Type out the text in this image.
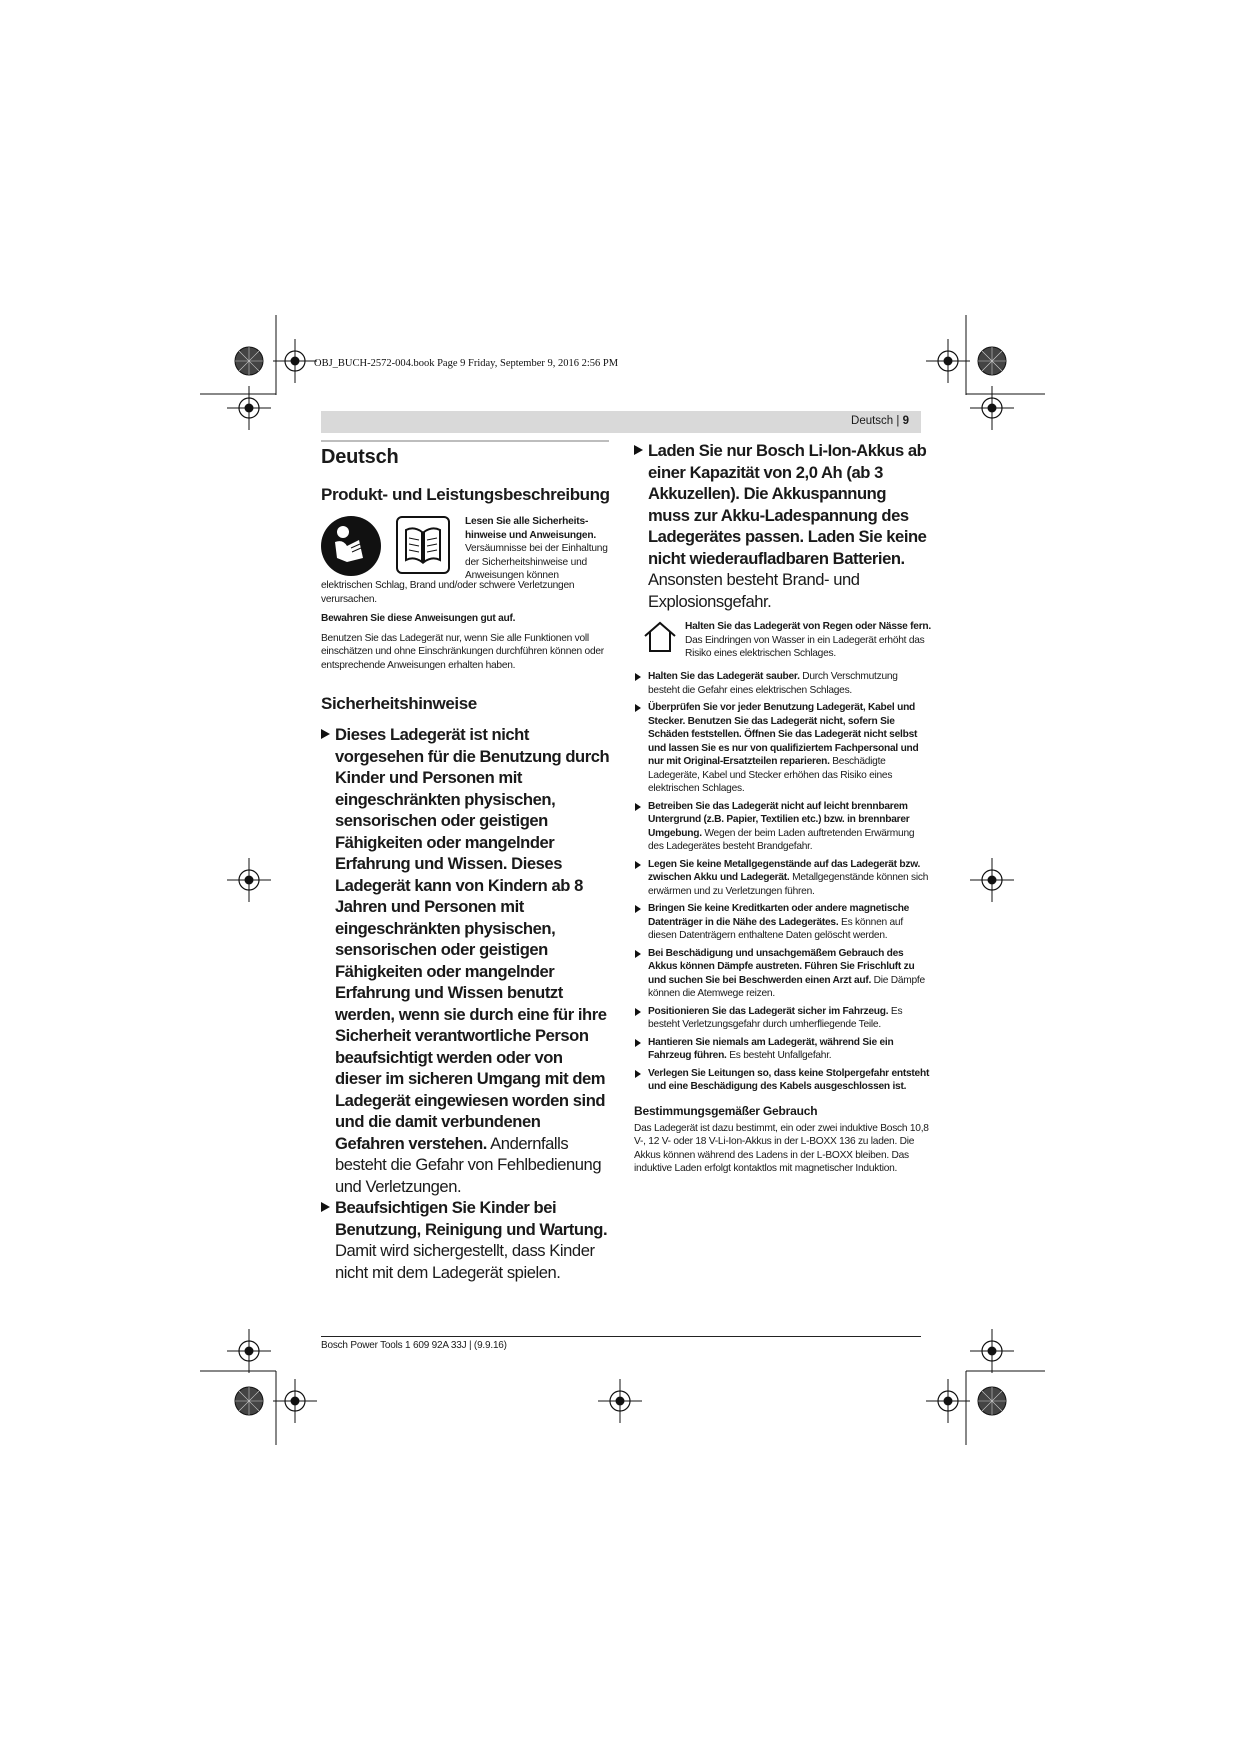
OBJ_BUCH-2572-004.book Page 9 Friday, September 9, 2016 2:56 PM
Deutsch | 9
Deutsch
Produkt- und Leistungsbeschreibung
Lesen Sie alle Sicherheits-hinweise und Anweisungen. Versäumnisse bei der Einhaltung der Sicherheitshinweise und Anweisungen können

elektrischen Schlag, Brand und/oder schwere Verletzungen verursachen.

Bewahren Sie diese Anweisungen gut auf.

Benutzen Sie das Ladegerät nur, wenn Sie alle Funktionen voll einschätzen und ohne Einschränkungen durchführen können oder entsprechende Anweisungen erhalten haben.

Sicherheitshinweise

Dieses Ladegerät ist nicht vorgesehen für die Benutzung durch Kinder und Personen mit eingeschränkten physischen, sensorischen oder geistigen Fähigkeiten oder mangelnder Erfahrung und Wissen. Dieses Ladegerät kann von Kindern ab 8 Jahren und Personen mit eingeschränkten physischen, sensorischen oder geistigen Fähigkeiten oder mangelnder Erfahrung und Wissen benutzt werden, wenn sie durch eine für ihre Sicherheit verantwortliche Person beaufsichtigt werden oder von dieser im sicheren Umgang mit dem Ladegerät eingewiesen worden sind und die damit verbundenen Gefahren verstehen. Andernfalls besteht die Gefahr von Fehlbedienung und Verletzungen.

Beaufsichtigen Sie Kinder bei Benutzung, Reinigung und Wartung. Damit wird sichergestellt, dass Kinder nicht mit dem Ladegerät spielen.

Laden Sie nur Bosch Li-Ion-Akkus ab einer Kapazität von 2,0 Ah (ab 3 Akkuzellen). Die Akkuspannung muss zur Akku-Ladespannung des Ladegerätes passen. Laden Sie keine nicht wiederaufladbaren Batterien. Ansonsten besteht Brand- und Explosionsgefahr.

Halten Sie das Ladegerät von Regen oder Nässe fern. Das Eindringen von Wasser in ein Ladegerät erhöht das Risiko eines elektrischen Schlages.

Halten Sie das Ladegerät sauber. Durch Verschmutzung besteht die Gefahr eines elektrischen Schlages.

Überprüfen Sie vor jeder Benutzung Ladegerät, Kabel und Stecker. Benutzen Sie das Ladegerät nicht, sofern Sie Schäden feststellen. Öffnen Sie das Ladegerät nicht selbst und lassen Sie es nur von qualifiziertem Fachpersonal und nur mit Original-Ersatzteilen reparieren. Beschädigte Ladegeräte, Kabel und Stecker erhöhen das Risiko eines elektrischen Schlages.

Betreiben Sie das Ladegerät nicht auf leicht brennbarem Untergrund (z.B. Papier, Textilien etc.) bzw. in brennbarer Umgebung. Wegen der beim Laden auftretenden Erwärmung des Ladegerätes besteht Brandgefahr.

Legen Sie keine Metallgegenstände auf das Ladegerät bzw. zwischen Akku und Ladegerät. Metallgegenstände können sich erwärmen und zu Verletzungen führen.

Bringen Sie keine Kreditkarten oder andere magnetische Datenträger in die Nähe des Ladegerätes. Es können auf diesen Datenträgern enthaltene Daten gelöscht werden.

Bei Beschädigung und unsachgemäßem Gebrauch des Akkus können Dämpfe austreten. Führen Sie Frischluft zu und suchen Sie bei Beschwerden einen Arzt auf. Die Dämpfe können die Atemwege reizen.

Positionieren Sie das Ladegerät sicher im Fahrzeug. Es besteht Verletzungsgefahr durch umherfliegende Teile.

Hantieren Sie niemals am Ladegerät, während Sie ein Fahrzeug führen. Es besteht Unfallgefahr.

Verlegen Sie Leitungen so, dass keine Stolpergefahr entsteht und eine Beschädigung des Kabels ausgeschlossen ist.

Bestimmungsgemäßer Gebrauch

Das Ladegerät ist dazu bestimmt, ein oder zwei induktive Bosch 10,8 V-, 12 V- oder 18 V-Li-Ion-Akkus in der L-BOXX 136 zu laden. Die Akkus können während des Ladens in der L-BOXX bleiben. Das induktive Laden erfolgt kontaktlos mit magnetischer Induktion.

Bosch Power Tools 1 609 92A 33J | (9.9.16)
